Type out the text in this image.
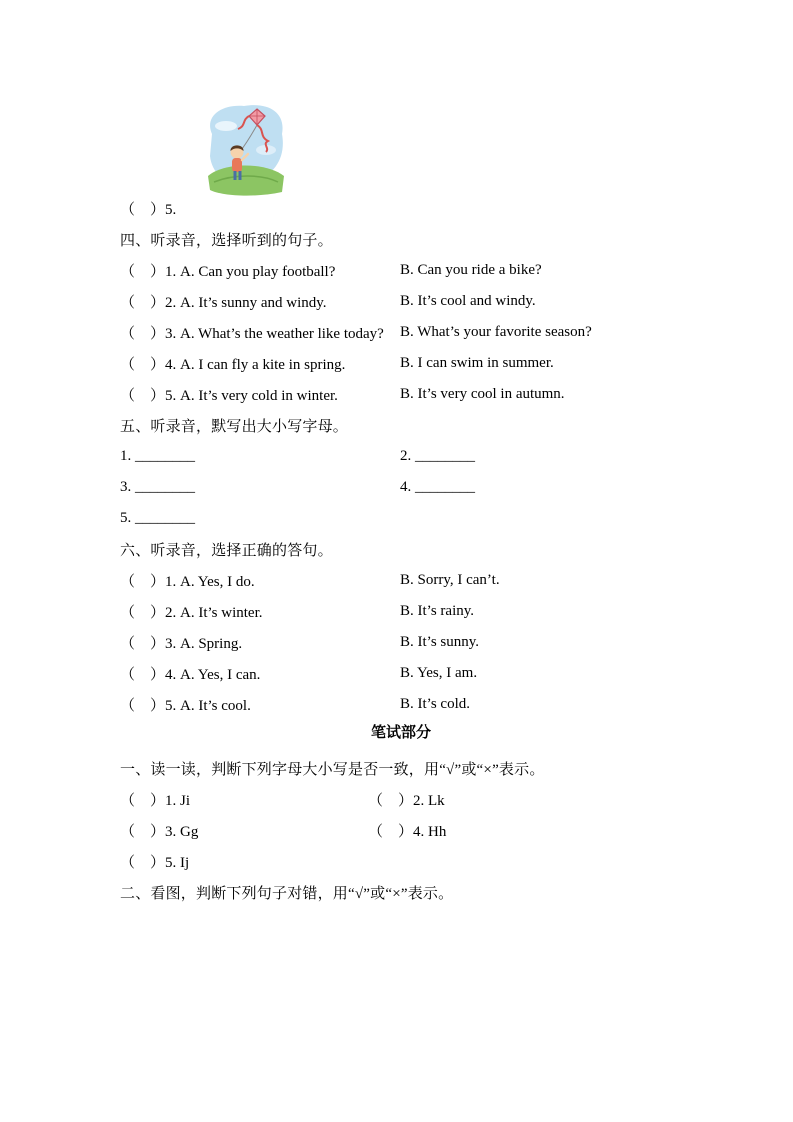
（　）5.
四、听录音，选择听到的句子。
（　）1. A. Can you play football?	B. Can you ride a bike?
（　）2. A. It’s sunny and windy.	B. It’s cool and windy.
（　）3. A. What’s the weather like today?	B. What’s your favorite season?
（　）4. A. I can fly a kite in spring.	B. I can swim in summer.
（　）5. A. It’s very cold in winter.	B. It’s very cool in autumn.
五、听录音，默写出大小写字母。
1. ________	2. ________
3. ________	4. ________
5. ________
六、听录音，选择正确的答句。
（　）1. A. Yes, I do.	B. Sorry, I can’t.
（　）2. A. It’s winter.	B. It’s rainy.
（　）3. A. Spring.	B. It’s sunny.
（　）4. A. Yes, I can.	B. Yes, I am.
（　）5. A. It’s cool.	B. It’s cold.
笔试部分
一、读一读，判断下列字母大小写是否一致，用“√”或“×”表示。
（　）1. Ji	（　）2. Lk
（　）3. Gg	（　）4. Hh
（　）5. Ij
二、看图，判断下列句子对错，用“√”或“×”表示。
